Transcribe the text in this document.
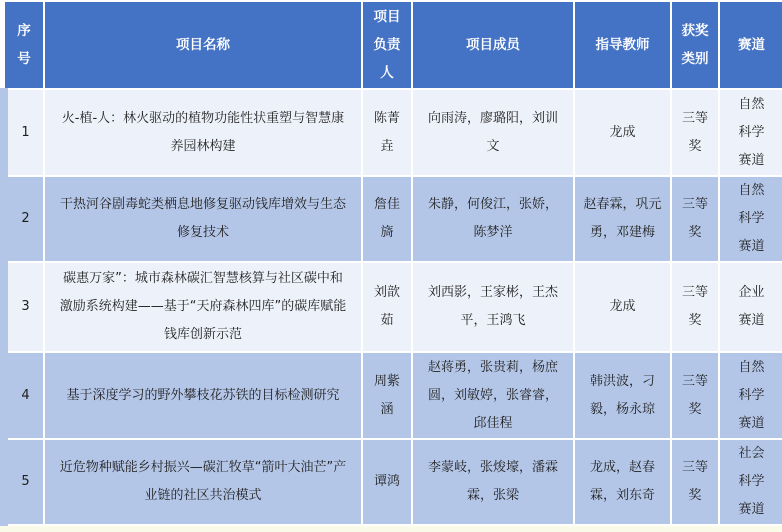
序号	项目名称	项目负责人	项目成员	指导教师	获奖类别	赛道
1	火-植-人：林火驱动的植物功能性状重塑与智慧康养园林构建	陈菁垚	向雨涛，廖璐阳，刘训文	龙成	三等奖	自然科学赛道
2	干热河谷剧毒蛇类栖息地修复驱动钱库增效与生态修复技术	詹佳旖	朱静，何俊江，张娇，陈梦洋	赵春霖，巩元勇，邓建梅	三等奖	自然科学赛道
3	碳惠万家”：城市森林碳汇智慧核算与社区碳中和激励系统构建——基于“天府森林四库”的碳库赋能钱库创新示范	刘歆茹	刘西影，王家彬，王杰平，王鸿飞	龙成	三等奖	企业赛道
4	基于深度学习的野外攀枝花苏铁的目标检测研究	周紫涵	赵蒋勇，张贵莉，杨庶圆，刘敏婷，张睿睿，邱佳程	韩洪波，刁毅，杨永琼	三等奖	自然科学赛道
5	近危物种赋能乡村振兴—碳汇牧草“箭叶大油芒”产业链的社区共治模式	谭鸿	李蒙岐，张焌壕，潘霖霖，张梁	龙成，赵春霖，刘东奇	三等奖	社会科学赛道
